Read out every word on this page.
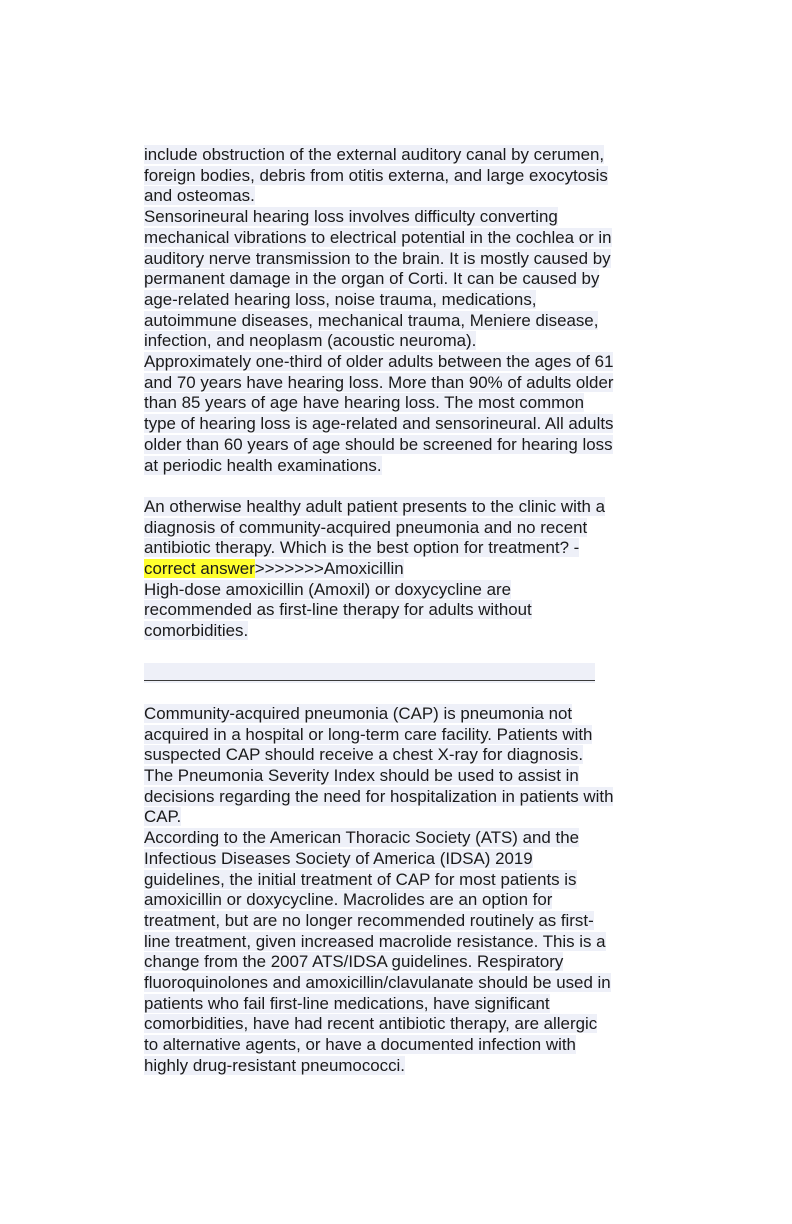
include obstruction of the external auditory canal by cerumen,
foreign bodies, debris from otitis externa, and large exocytosis
and osteomas.
Sensorineural hearing loss involves difficulty converting
mechanical vibrations to electrical potential in the cochlea or in
auditory nerve transmission to the brain. It is mostly caused by
permanent damage in the organ of Corti. It can be caused by
age-related hearing loss, noise trauma, medications,
autoimmune diseases, mechanical trauma, Meniere disease,
infection, and neoplasm (acoustic neuroma).
Approximately one-third of older adults between the ages of 61
and 70 years have hearing loss. More than 90% of adults older
than 85 years of age have hearing loss. The most common
type of hearing loss is age-related and sensorineural. All adults
older than 60 years of age should be screened for hearing loss
at periodic health examinations.
An otherwise healthy adult patient presents to the clinic with a
diagnosis of community-acquired pneumonia and no recent
antibiotic therapy. Which is the best option for treatment? -
correct answer>>>>>>>Amoxicillin
High-dose amoxicillin (Amoxil) or doxycycline are
recommended as first-line therapy for adults without
comorbidities.
Community-acquired pneumonia (CAP) is pneumonia not
acquired in a hospital or long-term care facility. Patients with
suspected CAP should receive a chest X-ray for diagnosis.
The Pneumonia Severity Index should be used to assist in
decisions regarding the need for hospitalization in patients with
CAP.
According to the American Thoracic Society (ATS) and the
Infectious Diseases Society of America (IDSA) 2019
guidelines, the initial treatment of CAP for most patients is
amoxicillin or doxycycline. Macrolides are an option for
treatment, but are no longer recommended routinely as first-
line treatment, given increased macrolide resistance. This is a
change from the 2007 ATS/IDSA guidelines. Respiratory
fluoroquinolones and amoxicillin/clavulanate should be used in
patients who fail first-line medications, have significant
comorbidities, have had recent antibiotic therapy, are allergic
to alternative agents, or have a documented infection with
highly drug-resistant pneumococci.
